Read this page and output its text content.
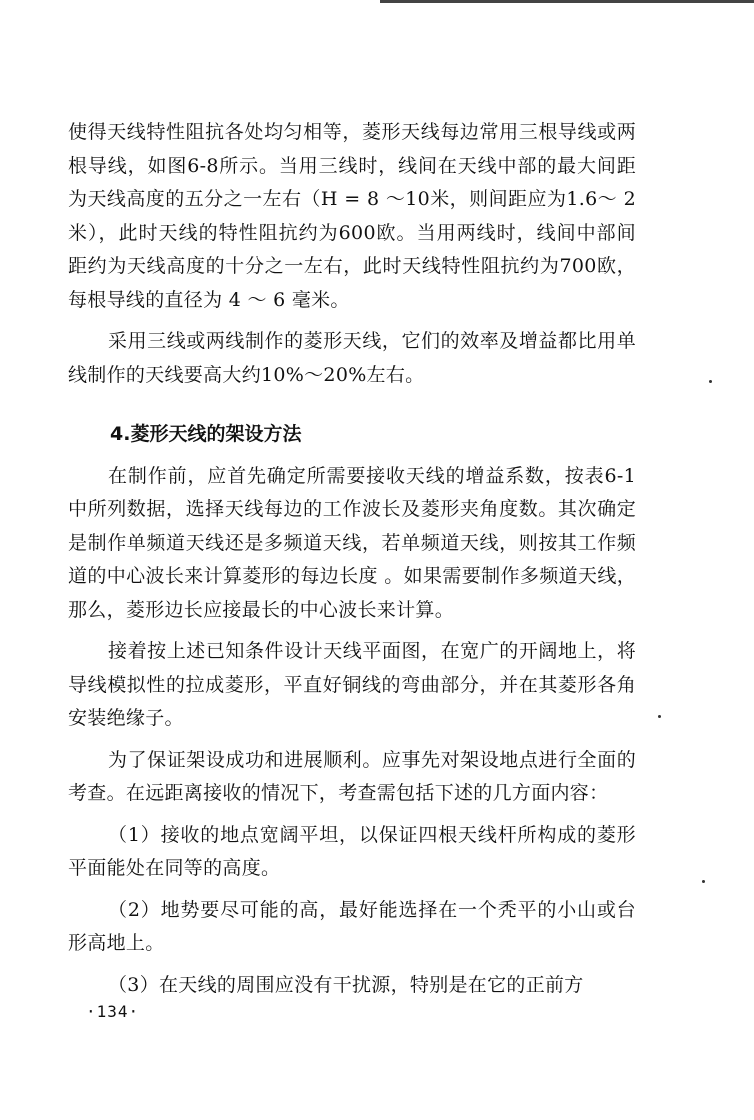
使得天线特性阻抗各处均匀相等，菱形天线每边常用三根导线或两根导线，如图6-8所示。当用三线时，线间在天线中部的最大间距为天线高度的五分之一左右（H = 8 ～10米，则间距应为1.6～ 2 米），此时天线的特性阻抗约为600欧。当用两线时，线间中部间距约为天线高度的十分之一左右，此时天线特性阻抗约为700欧，每根导线的直径为 4 ～ 6 毫米。

采用三线或两线制作的菱形天线，它们的效率及增益都比用单线制作的天线要高大约10%～20%左右。

4.菱形天线的架设方法

在制作前，应首先确定所需要接收天线的增益系数，按表6-1中所列数据，选择天线每边的工作波长及菱形夹角度数。其次确定是制作单频道天线还是多频道天线，若单频道天线，则按其工作频道的中心波长来计算菱形的每边长度 。如果需要制作多频道天线，那么，菱形边长应接最长的中心波长来计算。

接着按上述已知条件设计天线平面图，在宽广的开阔地上，将导线模拟性的拉成菱形，平直好铜线的弯曲部分，并在其菱形各角安装绝缘子。

为了保证架设成功和进展顺利。应事先对架设地点进行全面的考查。在远距离接收的情况下，考查需包括下述的几方面内容：

（1）接收的地点宽阔平坦，以保证四根天线杆所构成的菱形平面能处在同等的高度。

（2）地势要尽可能的高，最好能选择在一个秃平的小山或台形高地上。

（3）在天线的周围应没有干扰源，特别是在它的正前方

·134·
